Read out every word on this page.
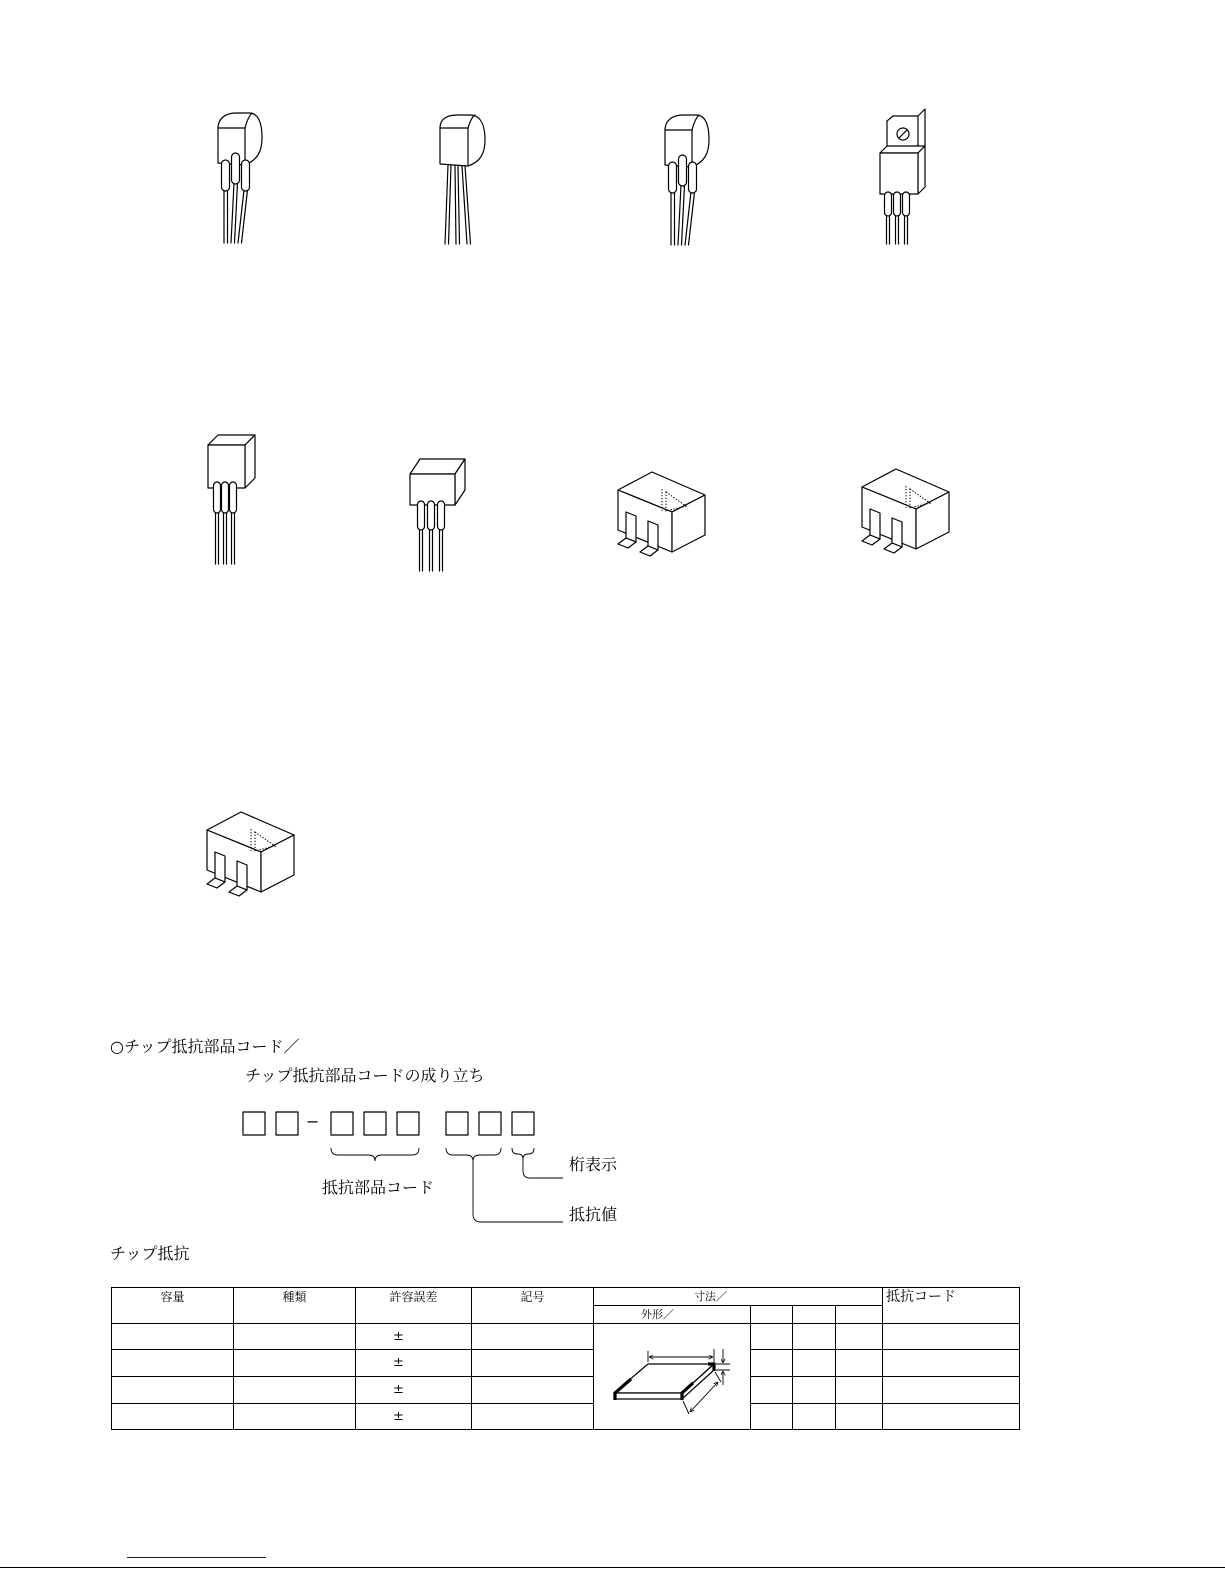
○チップ抵抗部品コード／
チップ抵抗部品コードの成り立ち
−
抵抗部品コード
桁表示
抵抗値
チップ抵抗
容量	種類	許容誤差	記号	寸法／				抵抗コード
				外形／				
		±		

		±						
		±						
		±						
